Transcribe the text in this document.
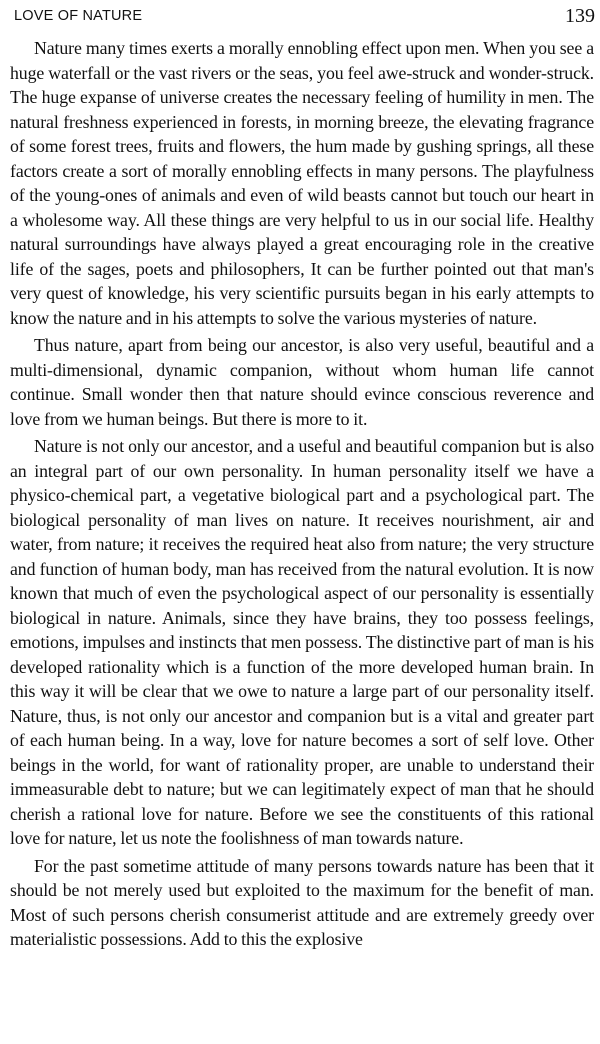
LOVE OF NATURE	139

Nature many times exerts a morally ennobling effect upon men. When you see a huge waterfall or the vast rivers or the seas, you feel awe-struck and wonder-struck. The huge expanse of universe creates the necessary feeling of humility in men. The natural freshness experienced in forests, in morning breeze, the elevating fragrance of some forest trees, fruits and flowers, the hum made by gushing springs, all these factors create a sort of morally ennobling effects in many persons. The playfulness of the young-ones of animals and even of wild beasts cannot but touch our heart in a wholesome way. All these things are very helpful to us in our social life. Healthy natural surroundings have always played a great encouraging role in the creative life of the sages, poets and philosophers, It can be further pointed out that man's very quest of knowledge, his very scientific pursuits began in his early attempts to know the nature and in his attempts to solve the various mysteries of nature.

Thus nature, apart from being our ancestor, is also very useful, beautiful and a multi-dimensional, dynamic companion, without whom human life cannot continue. Small wonder then that nature should evince conscious reverence and love from we human beings. But there is more to it.

Nature is not only our ancestor, and a useful and beautiful companion but is also an integral part of our own personality. In human personality itself we have a physico-chemical part, a vegetative biological part and a psychological part. The biological personality of man lives on nature. It receives nourishment, air and water, from nature; it receives the required heat also from nature; the very structure and function of human body, man has received from the natural evolution. It is now known that much of even the psychological aspect of our personality is essentially biological in nature. Animals, since they have brains, they too possess feelings, emotions, impulses and instincts that men possess. The distinctive part of man is his developed rationality which is a function of the more developed human brain. In this way it will be clear that we owe to nature a large part of our personality itself. Nature, thus, is not only our ancestor and companion but is a vital and greater part of each human being. In a way, love for nature becomes a sort of self love. Other beings in the world, for want of rationality proper, are unable to understand their immeasurable debt to nature; but we can legitimately expect of man that he should cherish a rational love for nature. Before we see the constituents of this rational love for nature, let us note the foolishness of man towards nature.

For the past sometime attitude of many persons towards nature has been that it should be not merely used but exploited to the maximum for the benefit of man. Most of such persons cherish consumerist attitude and are extremely greedy over materialistic possessions. Add to this the explosive
